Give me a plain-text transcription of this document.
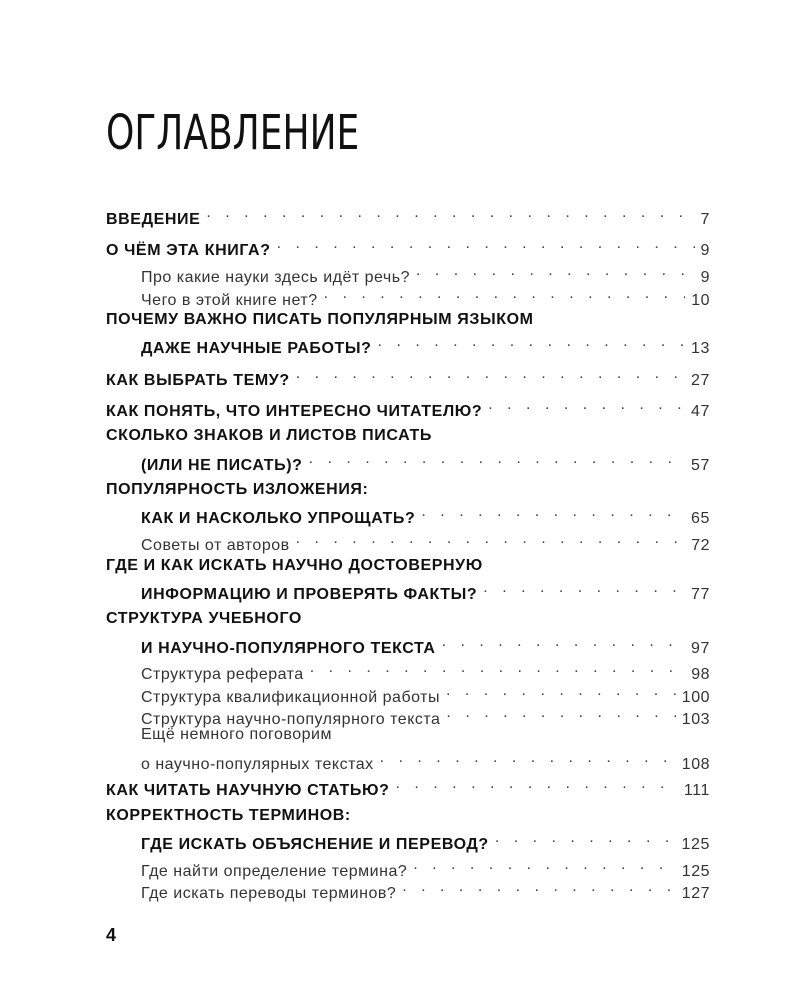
ОГЛАВЛЕНИЕ
ВВЕДЕНИЕ . . .	7
О ЧЁМ ЭТА КНИГА? . . .	9
Про какие науки здесь идёт речь? . . .	9
Чего в этой книге нет? . . .	10
ПОЧЕМУ ВАЖНО ПИСАТЬ ПОПУЛЯРНЫМ ЯЗЫКОМ
ДАЖЕ НАУЧНЫЕ РАБОТЫ? . . .	13
КАК ВЫБРАТЬ ТЕМУ? . . .	27
КАК ПОНЯТЬ, ЧТО ИНТЕРЕСНО ЧИТАТЕЛЮ? . . .	47
СКОЛЬКО ЗНАКОВ И ЛИСТОВ ПИСАТЬ
(ИЛИ НЕ ПИСАТЬ)? . . .	57
ПОПУЛЯРНОСТЬ ИЗЛОЖЕНИЯ:
КАК И НАСКОЛЬКО УПРОЩАТЬ? . . .	65
Советы от авторов . . .	72
ГДЕ И КАК ИСКАТЬ НАУЧНО ДОСТОВЕРНУЮ
ИНФОРМАЦИЮ И ПРОВЕРЯТЬ ФАКТЫ? . . .	77
СТРУКТУРА УЧЕБНОГО
И НАУЧНО-ПОПУЛЯРНОГО ТЕКСТА . . .	97
Структура реферата . . .	98
Структура квалификационной работы . . .	100
Структура научно-популярного текста . . .	103
Ещё немного поговорим
о научно-популярных текстах . . .	108
КАК ЧИТАТЬ НАУЧНУЮ СТАТЬЮ? . . .	111
КОРРЕКТНОСТЬ ТЕРМИНОВ:
ГДЕ ИСКАТЬ ОБЪЯСНЕНИЕ И ПЕРЕВОД? . . .	125
Где найти определение термина? . . .	125
Где искать переводы терминов? . . .	127
4
